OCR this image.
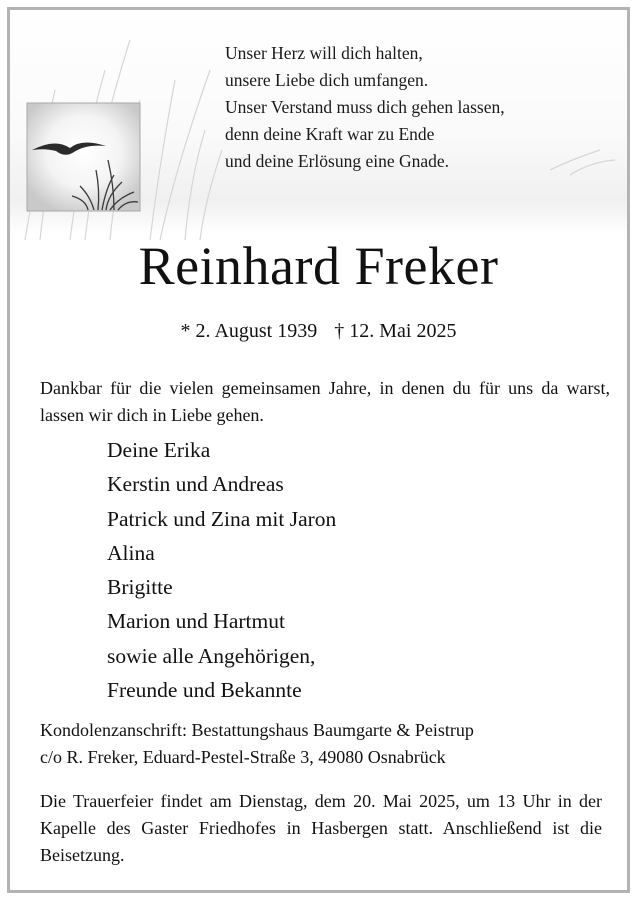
Unser Herz will dich halten,
unsere Liebe dich umfangen.
Unser Verstand muss dich gehen lassen,
denn deine Kraft war zu Ende
und deine Erlösung eine Gnade.
Reinhard Freker
* 2. August 1939 † 12. Mai 2025
Dankbar für die vielen gemeinsamen Jahre, in denen du für uns da warst, lassen wir dich in Liebe gehen.
Deine Erika
Kerstin und Andreas
Patrick und Zina mit Jaron
Alina
Brigitte
Marion und Hartmut
sowie alle Angehörigen,
Freunde und Bekannte
Kondolenzanschrift: Bestattungshaus Baumgarte & Peistrup
c/o R. Freker, Eduard-Pestel-Straße 3, 49080 Osnabrück
Die Trauerfeier findet am Dienstag, dem 20. Mai 2025, um 13 Uhr in der Kapelle des Gaster Friedhofes in Hasbergen statt. Anschließend ist die Beisetzung.
